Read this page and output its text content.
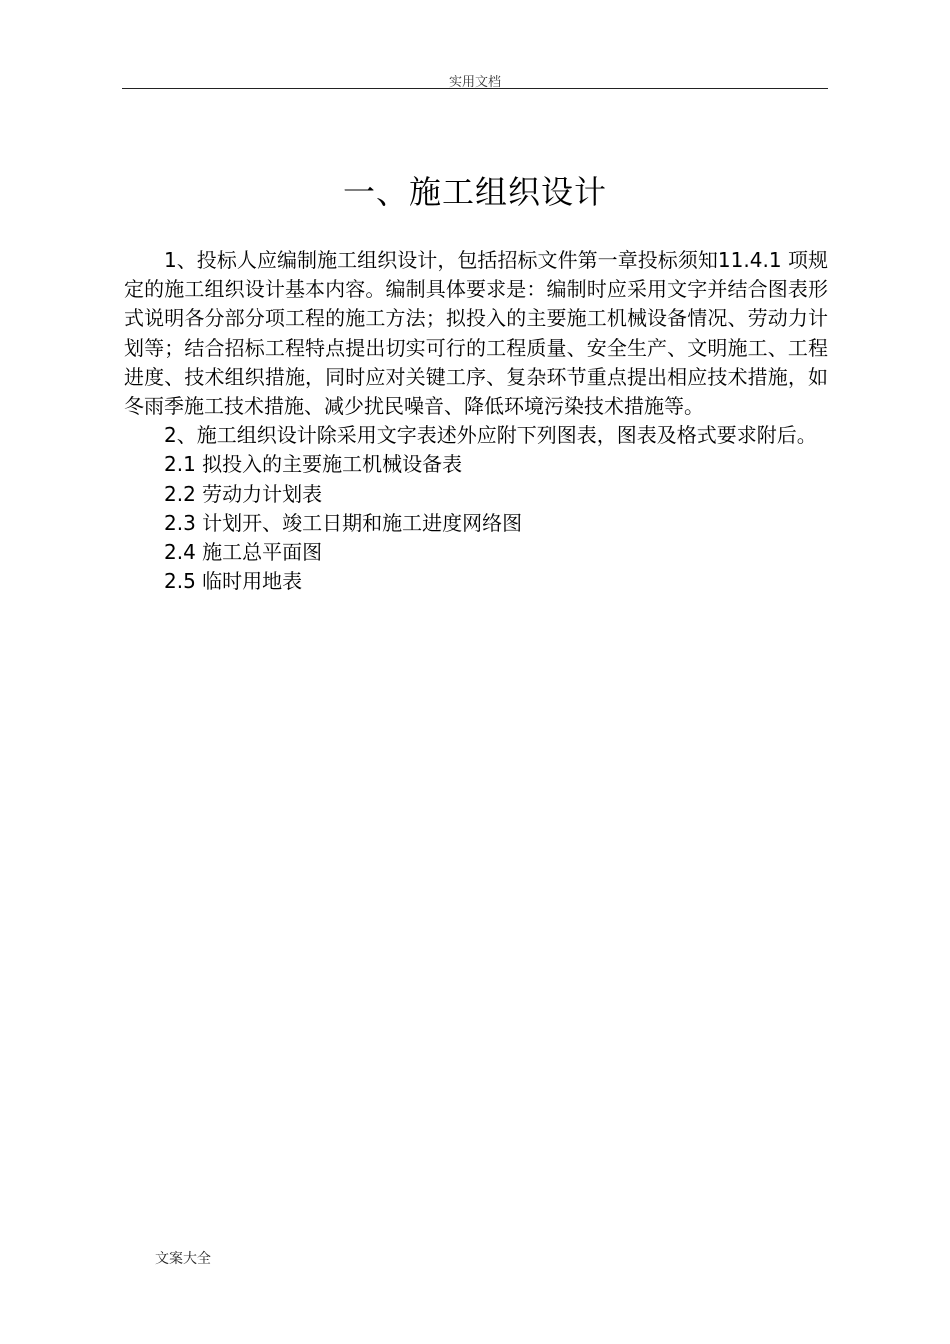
实用文档
一、施工组织设计

1、投标人应编制施工组织设计，包括招标文件第一章投标须知11.4.1 项规定的施工组织设计基本内容。编制具体要求是：编制时应采用文字并结合图表形式说明各分部分项工程的施工方法；拟投入的主要施工机械设备情况、劳动力计划等；结合招标工程特点提出切实可行的工程质量、安全生产、文明施工、工程进度、技术组织措施，同时应对关键工序、复杂环节重点提出相应技术措施，如冬雨季施工技术措施、减少扰民噪音、降低环境污染技术措施等。

2、施工组织设计除采用文字表述外应附下列图表，图表及格式要求附后。

2.1 拟投入的主要施工机械设备表

2.2 劳动力计划表

2.3 计划开、竣工日期和施工进度网络图

2.4 施工总平面图

2.5 临时用地表

文案大全
